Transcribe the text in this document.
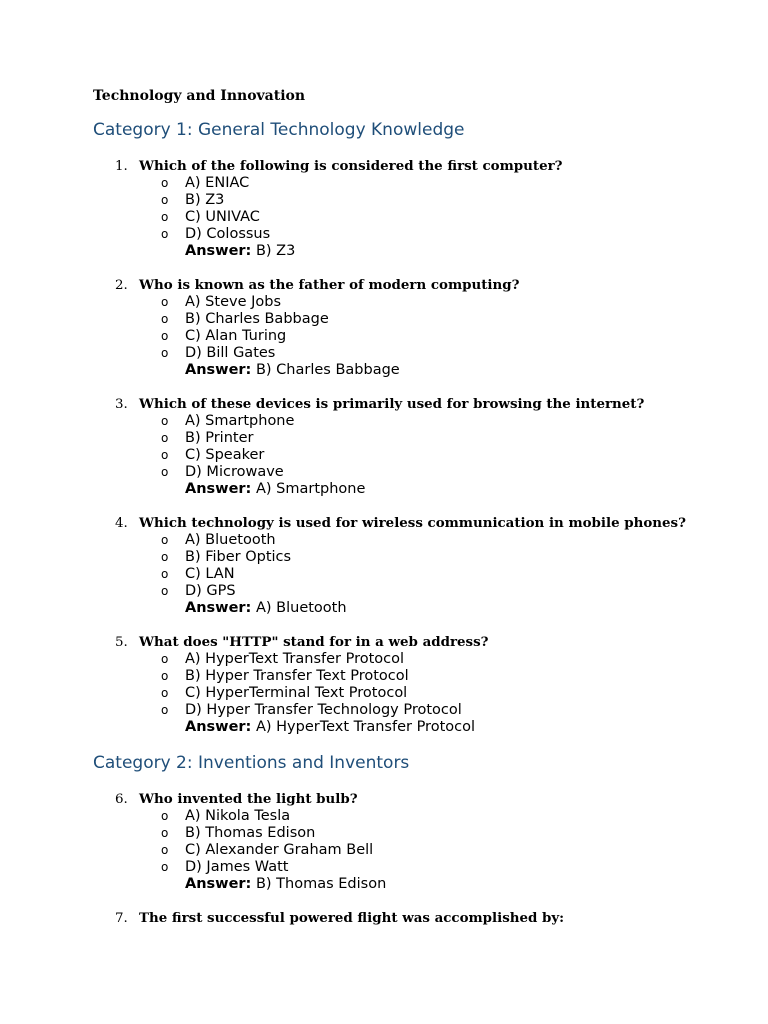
Technology and Innovation
Category 1: General Technology Knowledge
1. Which of the following is considered the first computer?
o A) ENIAC
o B) Z3
o C) UNIVAC
o D) Colossus
Answer: B) Z3
2. Who is known as the father of modern computing?
o A) Steve Jobs
o B) Charles Babbage
o C) Alan Turing
o D) Bill Gates
Answer: B) Charles Babbage
3. Which of these devices is primarily used for browsing the internet?
o A) Smartphone
o B) Printer
o C) Speaker
o D) Microwave
Answer: A) Smartphone
4. Which technology is used for wireless communication in mobile phones?
o A) Bluetooth
o B) Fiber Optics
o C) LAN
o D) GPS
Answer: A) Bluetooth
5. What does "HTTP" stand for in a web address?
o A) HyperText Transfer Protocol
o B) Hyper Transfer Text Protocol
o C) HyperTerminal Text Protocol
o D) Hyper Transfer Technology Protocol
Answer: A) HyperText Transfer Protocol
Category 2: Inventions and Inventors
6. Who invented the light bulb?
o A) Nikola Tesla
o B) Thomas Edison
o C) Alexander Graham Bell
o D) James Watt
Answer: B) Thomas Edison
7. The first successful powered flight was accomplished by:
